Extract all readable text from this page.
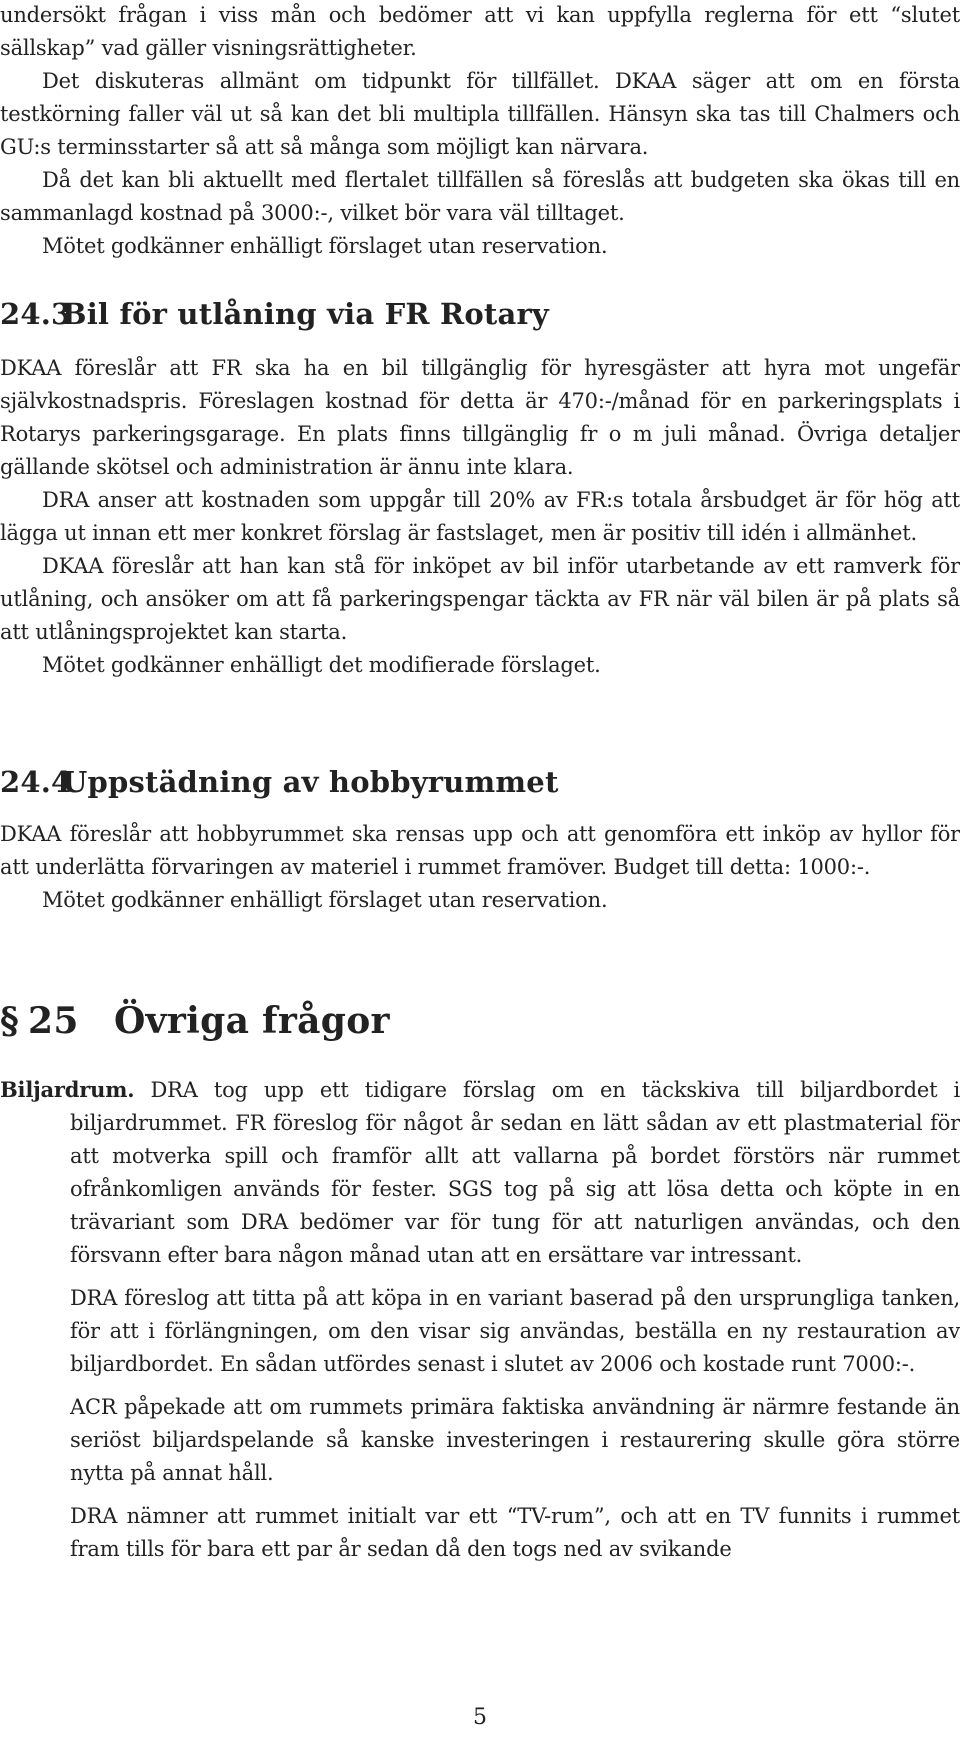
undersökt frågan i viss mån och bedömer att vi kan uppfylla reglerna för ett “slutet sällskap” vad gäller visningsrättigheter.

Det diskuteras allmänt om tidpunkt för tillfället. DKAA säger att om en första testkörning faller väl ut så kan det bli multipla tillfällen. Hänsyn ska tas till Chalmers och GU:s terminsstarter så att så många som möjligt kan närvara.

Då det kan bli aktuellt med flertalet tillfällen så föreslås att budgeten ska ökas till en sammanlagd kostnad på 3000:-, vilket bör vara väl tilltaget.

Mötet godkänner enhälligt förslaget utan reservation.

24.3Bil för utlåning via FR Rotary

DKAA föreslår att FR ska ha en bil tillgänglig för hyresgäster att hyra mot ungefär självkostnadspris. Föreslagen kostnad för detta är 470:-/månad för en parkeringsplats i Rotarys parkeringsgarage. En plats finns tillgänglig fr o m juli månad. Övriga detaljer gällande skötsel och administration är ännu inte klara.

DRA anser att kostnaden som uppgår till 20% av FR:s totala årsbudget är för hög att lägga ut innan ett mer konkret förslag är fastslaget, men är positiv till idén i allmänhet.

DKAA föreslår att han kan stå för inköpet av bil inför utarbetande av ett ramverk för utlåning, och ansöker om att få parkeringspengar täckta av FR när väl bilen är på plats så att utlåningsprojektet kan starta.

Mötet godkänner enhälligt det modifierade förslaget.

24.4Uppstädning av hobbyrummet

DKAA föreslår att hobbyrummet ska rensas upp och att genomföra ett inköp av hyllor för att underlätta förvaringen av materiel i rummet framöver. Budget till detta: 1000:-.

Mötet godkänner enhälligt förslaget utan reservation.

§ 25 Övriga frågor

Biljardrum. DRA tog upp ett tidigare förslag om en täckskiva till biljardbordet i biljardrummet. FR föreslog för något år sedan en lätt sådan av ett plastmaterial för att motverka spill och framför allt att vallarna på bordet förstörs när rummet ofrånkomligen används för fester. SGS tog på sig att lösa detta och köpte in en trävariant som DRA bedömer var för tung för att naturligen användas, och den försvann efter bara någon månad utan att en ersättare var intressant.

DRA föreslog att titta på att köpa in en variant baserad på den ursprungliga tanken, för att i förlängningen, om den visar sig användas, beställa en ny restauration av biljardbordet. En sådan utfördes senast i slutet av 2006 och kostade runt 7000:-.

ACR påpekade att om rummets primära faktiska användning är närmre festande än seriöst biljardspelande så kanske investeringen i restaurering skulle göra större nytta på annat håll.

DRA nämner att rummet initialt var ett “TV-rum”, och att en TV funnits i rummet fram tills för bara ett par år sedan då den togs ned av svikande

5
